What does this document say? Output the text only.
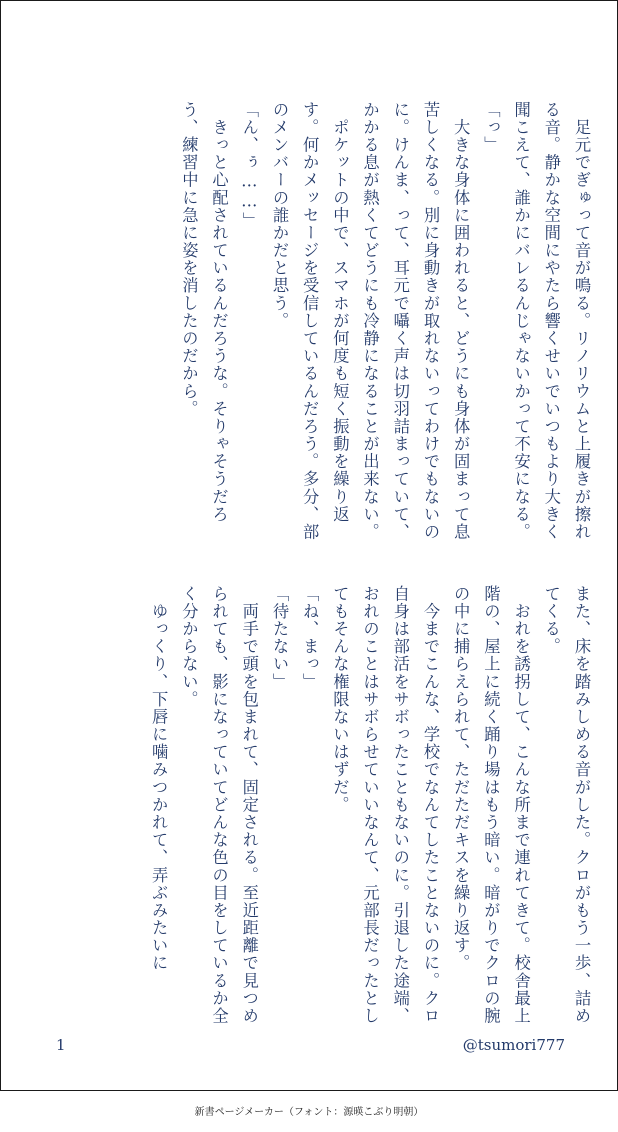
　足元でぎゅって音が鳴る。リノリウムと上履きが擦れる音。静かな空間にやたら響くせいでいつもより大きく聞こえて、誰かにバレるんじゃないかって不安になる。

「っ」

　大きな身体に囲われると、どうにも身体が固まって息苦しくなる。別に身動きが取れないってわけでもないのに。けんま、って、耳元で囁く声は切羽詰まっていて、かかる息が熱くてどうにも冷静になることが出来ない。

　ポケットの中で、スマホが何度も短く振動を繰り返す。何かメッセージを受信しているんだろう。多分、部のメンバーの誰かだと思う。

「ん、ぅ……」

　きっと心配されているんだろうな。そりゃそうだろう、練習中に急に姿を消したのだから。

また、床を踏みしめる音がした。クロがもう一歩、詰めてくる。

　おれを誘拐して、こんな所まで連れてきて。校舎最上階の、屋上に続く踊り場はもう暗い。暗がりでクロの腕の中に捕らえられて、ただただキスを繰り返す。

　今までこんな、学校でなんてしたことないのに。クロ自身は部活をサボったこともないのに。引退した途端、おれのことはサボらせていいなんて、元部長だったとしてもそんな権限ないはずだ。

「ね、まっ」

「待たない」

　両手で頭を包まれて、固定される。至近距離で見つめられても、影になっていてどんな色の目をしているか全く分からない。

　ゆっくり、下唇に噛みつかれて、弄ぶみたいに

1	@tsumori777
新書ページメーカー（フォント：源暎こぶり明朝）
